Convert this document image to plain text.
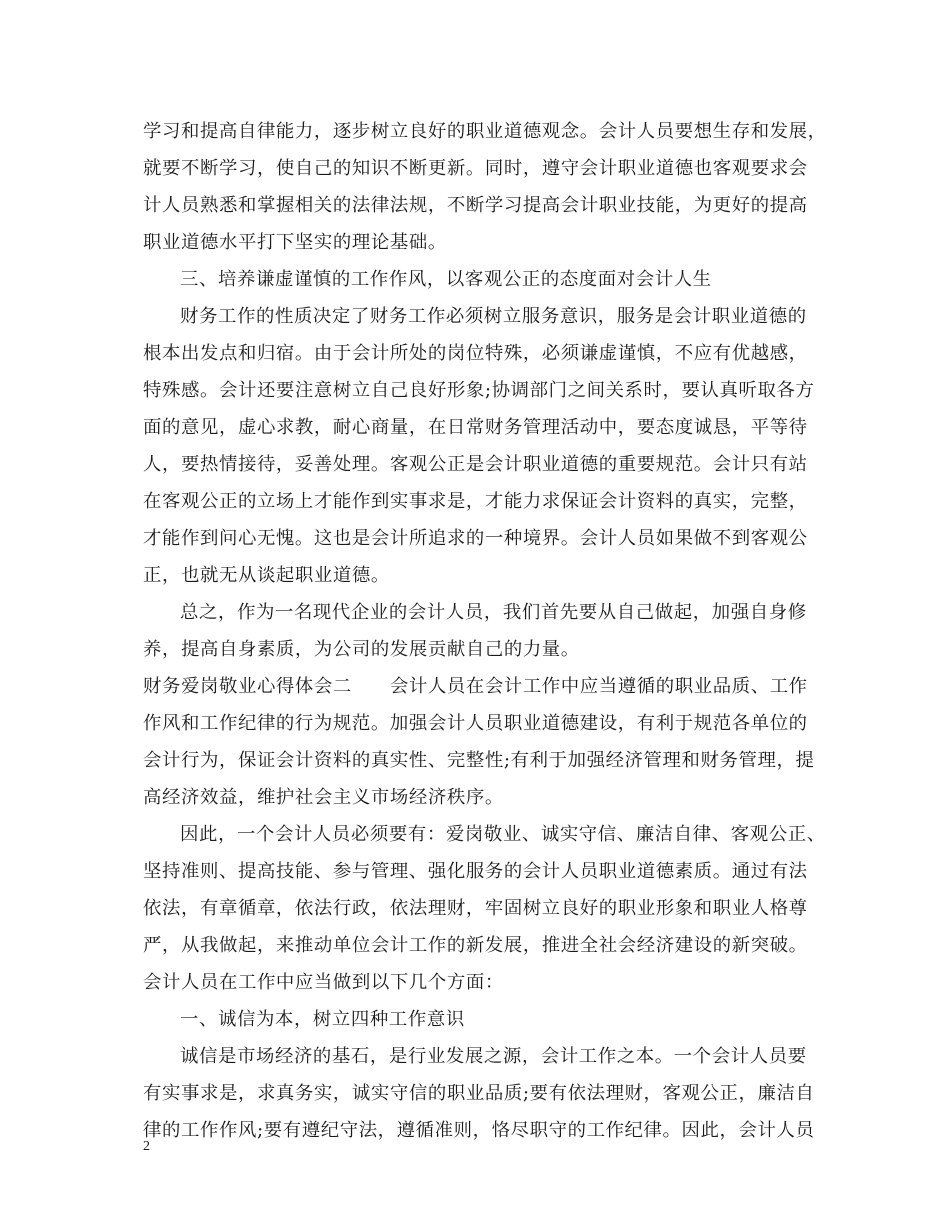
学习和提高自律能力，逐步树立良好的职业道德观念。会计人员要想生存和发展，
就要不断学习，使自己的知识不断更新。同时，遵守会计职业道德也客观要求会
计人员熟悉和掌握相关的法律法规，不断学习提高会计职业技能，为更好的提高
职业道德水平打下坚实的理论基础。
三、培养谦虚谨慎的工作作风，以客观公正的态度面对会计人生
财务工作的性质决定了财务工作必须树立服务意识，服务是会计职业道德的
根本出发点和归宿。由于会计所处的岗位特殊，必须谦虚谨慎，不应有优越感，
特殊感。会计还要注意树立自己良好形象;协调部门之间关系时，要认真听取各方
面的意见，虚心求教，耐心商量，在日常财务管理活动中，要态度诚恳，平等待
人，要热情接待，妥善处理。客观公正是会计职业道德的重要规范。会计只有站
在客观公正的立场上才能作到实事求是，才能力求保证会计资料的真实，完整，
才能作到问心无愧。这也是会计所追求的一种境界。会计人员如果做不到客观公
正，也就无从谈起职业道德。
总之，作为一名现代企业的会计人员，我们首先要从自己做起，加强自身修
养，提高自身素质，为公司的发展贡献自己的力量。
财务爱岗敬业心得体会二　　会计人员在会计工作中应当遵循的职业品质、工作
作风和工作纪律的行为规范。加强会计人员职业道德建设，有利于规范各单位的
会计行为，保证会计资料的真实性、完整性;有利于加强经济管理和财务管理，提
高经济效益，维护社会主义市场经济秩序。
因此，一个会计人员必须要有：爱岗敬业、诚实守信、廉洁自律、客观公正、
坚持准则、提高技能、参与管理、强化服务的会计人员职业道德素质。通过有法
依法，有章循章，依法行政，依法理财，牢固树立良好的职业形象和职业人格尊
严，从我做起，来推动单位会计工作的新发展，推进全社会经济建设的新突破。
会计人员在工作中应当做到以下几个方面：
一、诚信为本，树立四种工作意识
诚信是市场经济的基石，是行业发展之源，会计工作之本。一个会计人员要
有实事求是，求真务实，诚实守信的职业品质;要有依法理财，客观公正，廉洁自
律的工作作风;要有遵纪守法，遵循准则，恪尽职守的工作纪律。因此，会计人员
2
